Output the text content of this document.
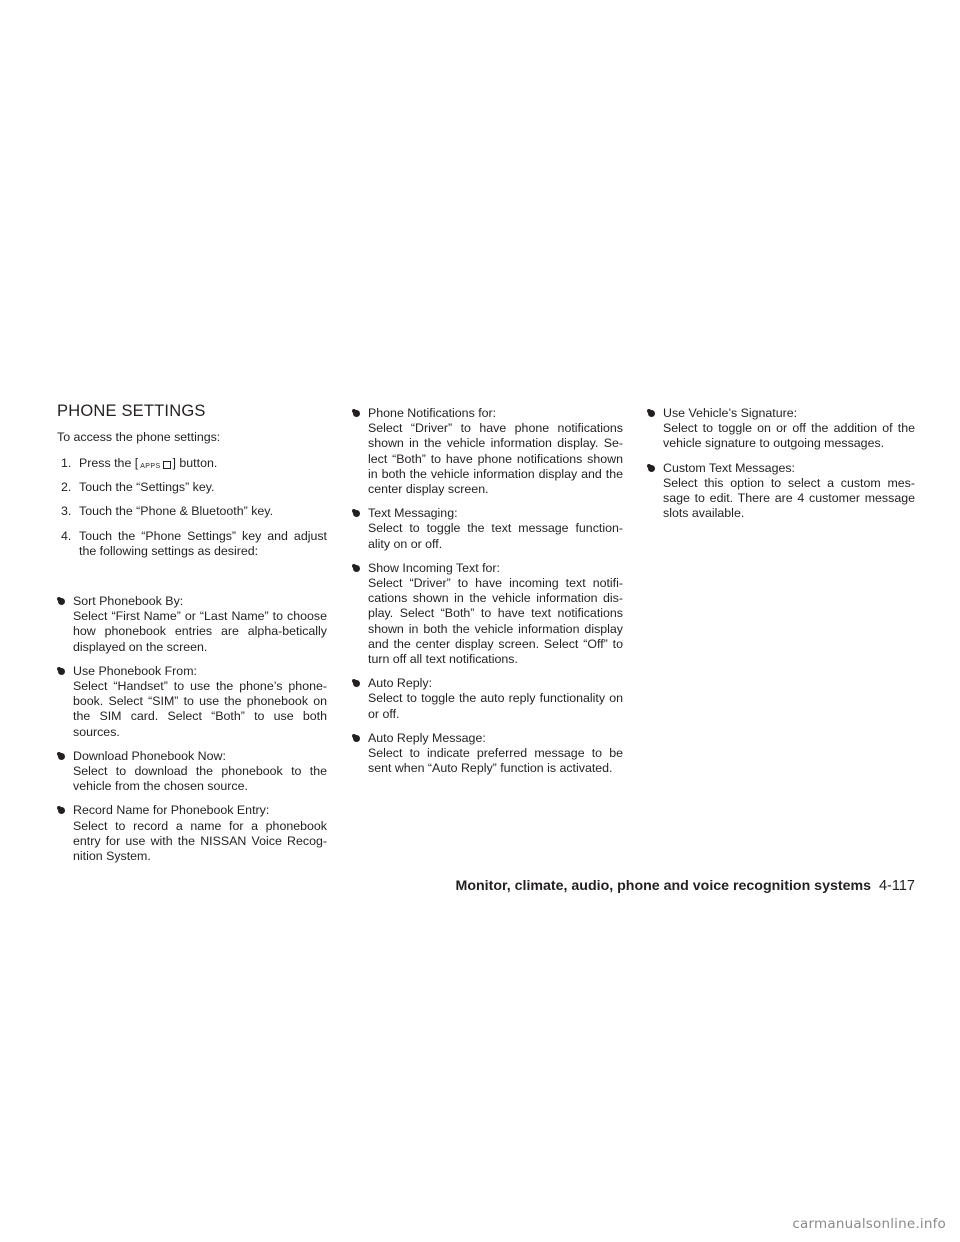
PHONE SETTINGS

To access the phone settings:

1. Press the [ APPS ] button.
2. Touch the “Settings” key.
3. Touch the “Phone & Bluetooth” key.
4. Touch the “Phone Settings” key and adjust the following settings as desired:

Sort Phonebook By:
Select “First Name” or “Last Name” to choose how phonebook entries are alpha-betically displayed on the screen.
Use Phonebook From:
Select “Handset” to use the phone’s phone-book. Select “SIM” to use the phonebook on the SIM card. Select “Both” to use both sources.
Download Phonebook Now:
Select to download the phonebook to the vehicle from the chosen source.
Record Name for Phonebook Entry:
Select to record a name for a phonebook entry for use with the NISSAN Voice Recog-nition System.
Phone Notifications for:
Select “Driver” to have phone notifications shown in the vehicle information display. Se-lect “Both” to have phone notifications shown in both the vehicle information display and the center display screen.
Text Messaging:
Select to toggle the text message function-ality on or off.
Show Incoming Text for:
Select “Driver” to have incoming text notifi-cations shown in the vehicle information dis-play. Select “Both” to have text notifications shown in both the vehicle information display and the center display screen. Select “Off” to turn off all text notifications.
Auto Reply:
Select to toggle the auto reply functionality on or off.
Auto Reply Message:
Select to indicate preferred message to be sent when “Auto Reply” function is activated.
Use Vehicle’s Signature:
Select to toggle on or off the addition of the vehicle signature to outgoing messages.
Custom Text Messages:
Select this option to select a custom mes-sage to edit. There are 4 customer message slots available.
Monitor, climate, audio, phone and voice recognition systems 4-117
carmanualsonline.info
